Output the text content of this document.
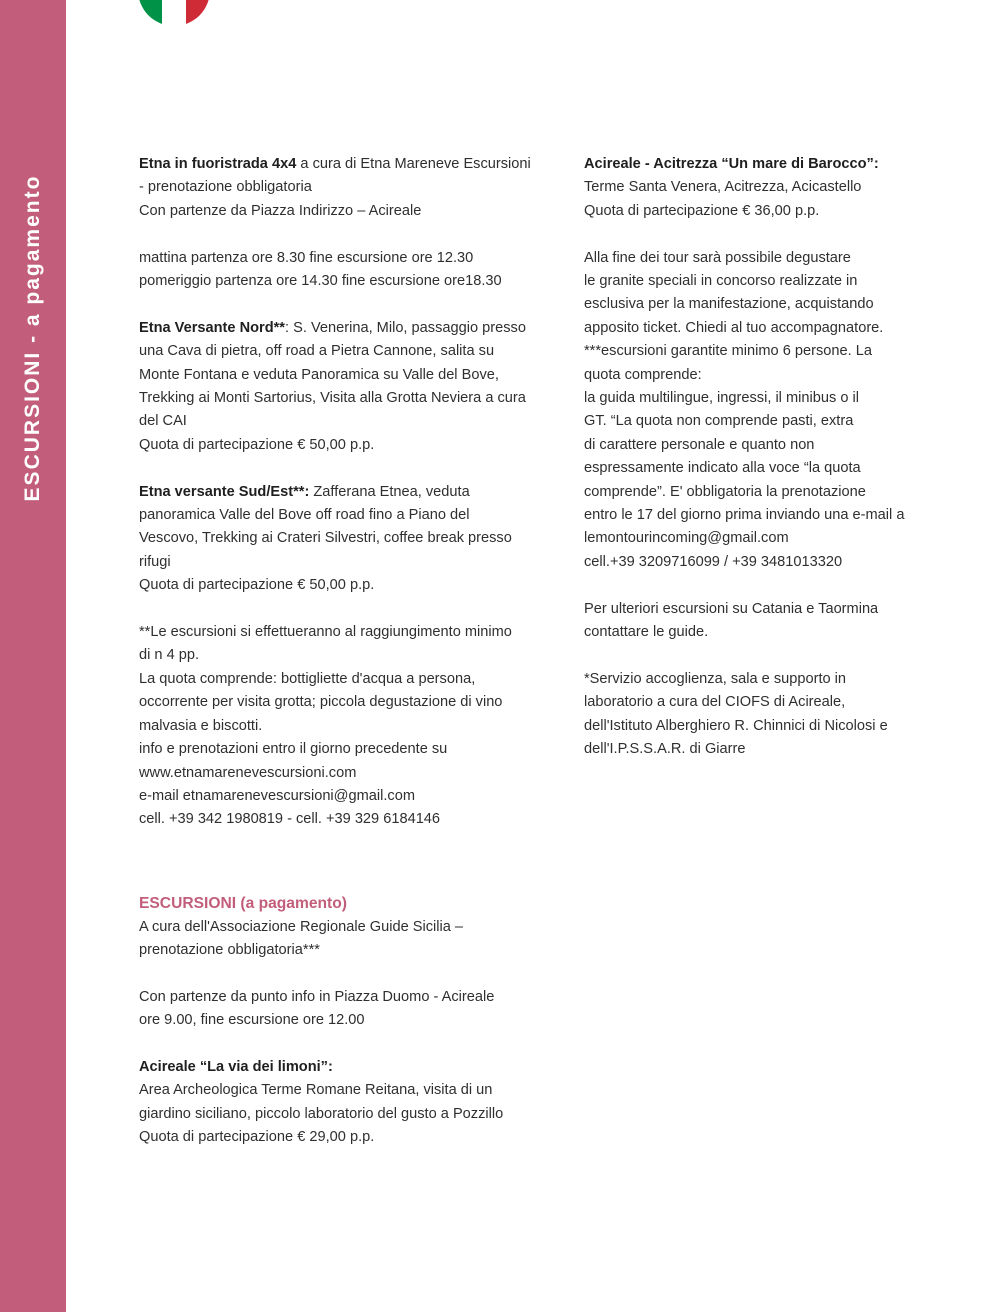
ESCURSIONI - a pagamento

Etna in fuoristrada 4x4 a cura di Etna Mareneve Escursioni
- prenotazione obbligatoria
Con partenze da Piazza Indirizzo – Acireale

mattina partenza ore 8.30 fine escursione ore 12.30
pomeriggio partenza ore 14.30 fine escursione ore18.30

Etna Versante Nord**: S. Venerina, Milo, passaggio presso
una Cava di pietra, off road a Pietra Cannone, salita su
Monte Fontana e veduta Panoramica su Valle del Bove,
Trekking ai Monti Sartorius, Visita alla Grotta Neviera a cura
del CAI
Quota di partecipazione € 50,00 p.p.

Etna versante Sud/Est**: Zafferana Etnea, veduta
panoramica Valle del Bove off road fino a Piano del
Vescovo, Trekking ai Crateri Silvestri, coffee break presso
rifugi
Quota di partecipazione € 50,00 p.p.

**Le escursioni si effettueranno al raggiungimento minimo
di n 4 pp.
La quota comprende: bottigliette d'acqua a persona,
occorrente per visita grotta; piccola degustazione di vino
malvasia e biscotti.
info e prenotazioni entro il giorno precedente su
www.etnamarenevescursioni.com
e-mail etnamarenevescursioni@gmail.com
cell. +39 342 1980819 - cell. +39 329 6184146

ESCURSIONI (a pagamento)
A cura dell'Associazione Regionale Guide Sicilia –
prenotazione obbligatoria***

Con partenze da punto info in Piazza Duomo - Acireale
ore 9.00, fine escursione ore 12.00

Acireale “La via dei limoni”:
Area Archeologica Terme Romane Reitana, visita di un
giardino siciliano, piccolo laboratorio del gusto a Pozzillo
Quota di partecipazione € 29,00 p.p.

Acireale - Acitrezza “Un mare di Barocco”:
Terme Santa Venera, Acitrezza, Acicastello
Quota di partecipazione € 36,00 p.p.

Alla fine dei tour sarà possibile degustare
le granite speciali in concorso realizzate in
esclusiva per la manifestazione, acquistando
apposito ticket. Chiedi al tuo accompagnatore.
***escursioni garantite minimo 6 persone. La
quota comprende:
la guida multilingue, ingressi, il minibus o il
GT. “La quota non comprende pasti, extra
di carattere personale e quanto non
espressamente indicato alla voce “la quota
comprende”. E' obbligatoria la prenotazione
entro le 17 del giorno prima inviando una e-mail a
lemontourincoming@gmail.com
cell.+39 3209716099 / +39 3481013320

Per ulteriori escursioni su Catania e Taormina
contattare le guide.

*Servizio accoglienza, sala e supporto in
laboratorio a cura del CIOFS di Acireale,
dell'Istituto Alberghiero R. Chinnici di Nicolosi e
dell'I.P.S.S.A.R. di Giarre
